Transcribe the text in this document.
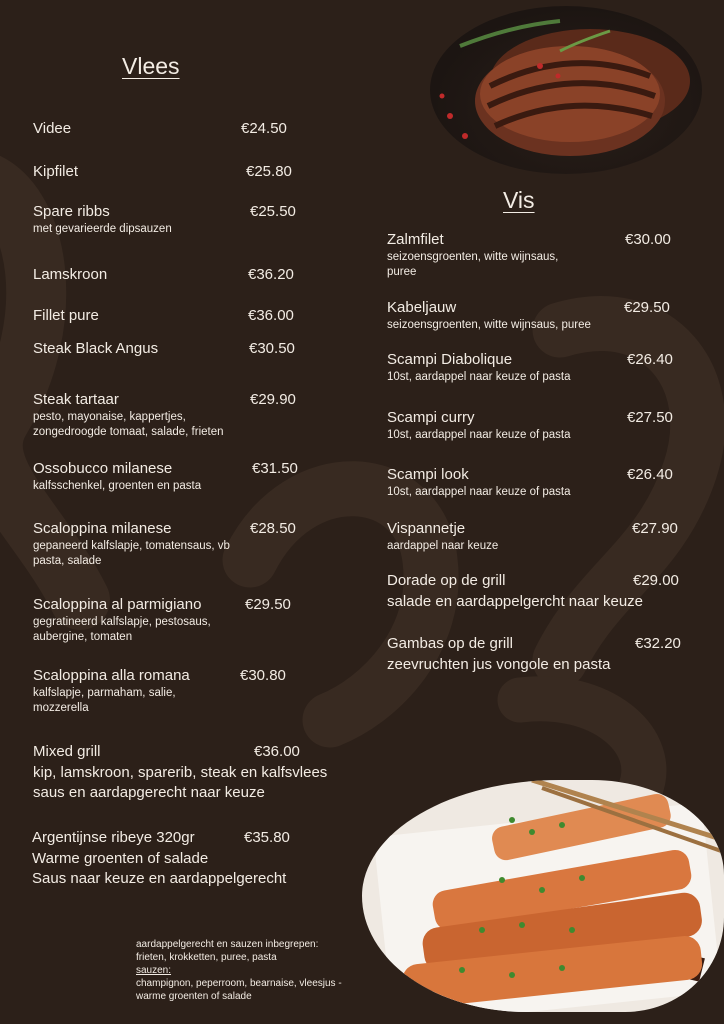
Vlees
Vis
Videe	€24.50
Kipfilet	€25.80
Spare ribbs	€25.50
met gevarieerde dipsauzen
Lamskroon	€36.20
Fillet pure	€36.00
Steak Black Angus	€30.50
Steak tartaar	€29.90
pesto, mayonaise, kappertjes,
zongedroogde tomaat, salade, frieten
Ossobucco milanese	€31.50
kalfsschenkel, groenten en pasta
Scaloppina milanese	€28.50
gepaneerd kalfslapje, tomatensaus, vb
pasta, salade
Scaloppina al parmigiano	€29.50
gegratineerd kalfslapje, pestosaus,
aubergine, tomaten
Scaloppina alla romana	€30.80
kalfslapje, parmaham, salie,
mozzerella
Mixed grill	€36.00
kip, lamskroon, sparerib, steak en kalfsvlees
saus en aardapgerecht naar keuze
Argentijnse ribeye 320gr	€35.80
Warme groenten of salade
Saus naar keuze en aardappelgerecht
Zalmfilet	€30.00
seizoensgroenten, witte wijnsaus,
puree
Kabeljauw	€29.50
seizoensgroenten, witte wijnsaus, puree
Scampi Diabolique	€26.40
10st, aardappel naar keuze of pasta
Scampi curry	€27.50
10st, aardappel naar keuze of pasta
Scampi look	€26.40
10st, aardappel naar keuze of pasta
Vispannetje	€27.90
aardappel naar keuze
Dorade op de grill	€29.00
salade en aardappelgercht naar keuze
Gambas op de grill	€32.20
zeevruchten jus vongole en pasta
aardappelgerecht en sauzen inbegrepen:
frieten, krokketten, puree, pasta
sauzen:
champignon, peperroom, bearnaise, vleesjus -
warme groenten of salade
